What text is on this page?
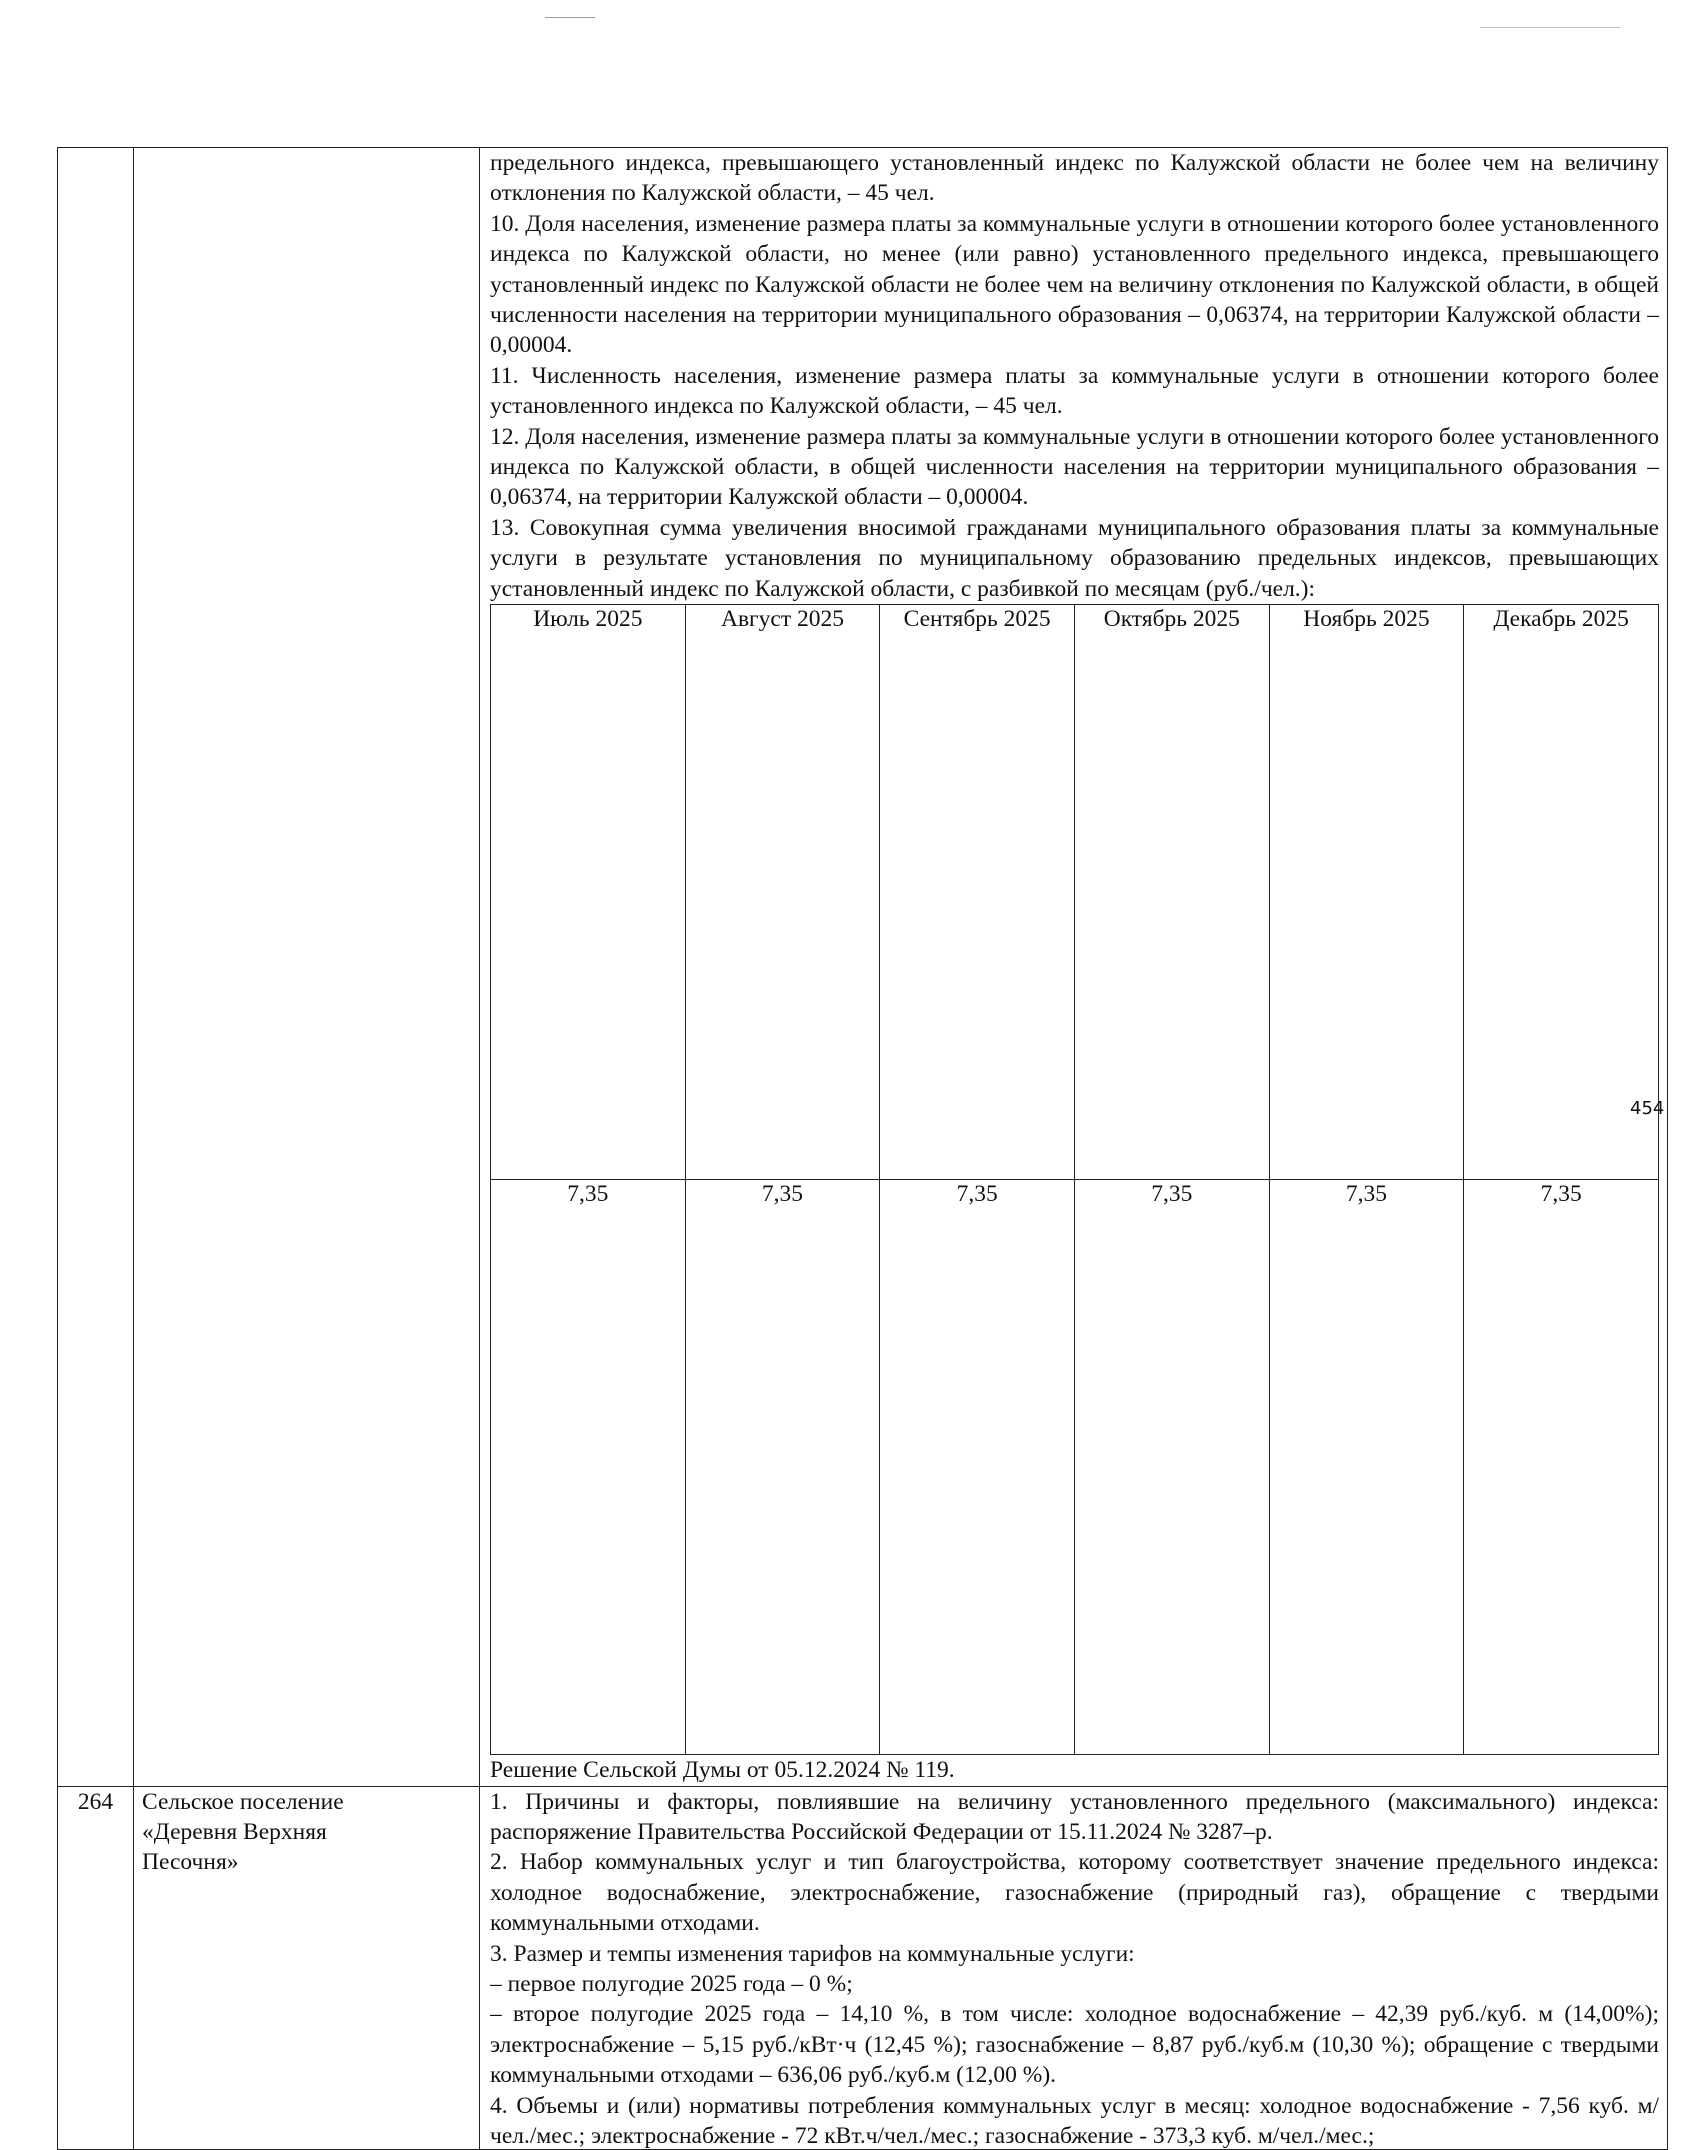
предельного индекса, превышающего установленный индекс по Калужской области не более чем на величину отклонения по Калужской области, – 45 чел.

10. Доля населения, изменение размера платы за коммунальные услуги в отношении которого более установленного индекса по Калужской области, но менее (или равно) установленного предельного индекса, превышающего установленный индекс по Калужской области не более чем на величину отклонения по Калужской области, в общей численности населения на территории муниципального образования – 0,06374, на территории Калужской области – 0,00004.

11. Численность населения, изменение размера платы за коммунальные услуги в отношении которого более установленного индекса по Калужской области, – 45 чел.

12. Доля населения, изменение размера платы за коммунальные услуги в отношении которого более установленного индекса по Калужской области, в общей численности населения на территории муниципального образования – 0,06374, на территории Калужской области – 0,00004.

13. Совокупная сумма увеличения вносимой гражданами муниципального образования платы за коммунальные услуги в результате установления по муниципальному образованию предельных индексов, превышающих установленный индекс по Калужской области, с разбивкой по месяцам (руб./чел.):

Июль 2025	Август 2025	Сентябрь 2025	Октябрь 2025	Ноябрь 2025	Декабрь 2025
7,35	7,35	7,35	7,35	7,35	7,35

Решение Сельской Думы от 05.12.2024 № 119.

264	Сельское поселение
«Деревня Верхняя
Песочня»

1. Причины и факторы, повлиявшие на величину установленного предельного (максимального) индекса: распоряжение Правительства Российской Федерации от 15.11.2024 № 3287–р.

2. Набор коммунальных услуг и тип благоустройства, которому соответствует значение предельного индекса: холодное водоснабжение, электроснабжение, газоснабжение (природный газ), обращение с твердыми коммунальными отходами.

3. Размер и темпы изменения тарифов на коммунальные услуги:

– первое полугодие 2025 года – 0 %;

– второе полугодие 2025 года – 14,10 %, в том числе: холодное водоснабжение – 42,39 руб./куб. м (14,00%); электроснабжение – 5,15 руб./кВт·ч (12,45 %); газоснабжение – 8,87 руб./куб.м (10,30 %); обращение с твердыми коммунальными отходами – 636,06 руб./куб.м (12,00 %).

4. Объемы и (или) нормативы потребления коммунальных услуг в месяц: холодное водоснабжение - 7,56 куб. м/чел./мес.; электроснабжение - 72 кВт.ч/чел./мес.; газоснабжение - 373,3 куб. м/чел./мес.;

454
